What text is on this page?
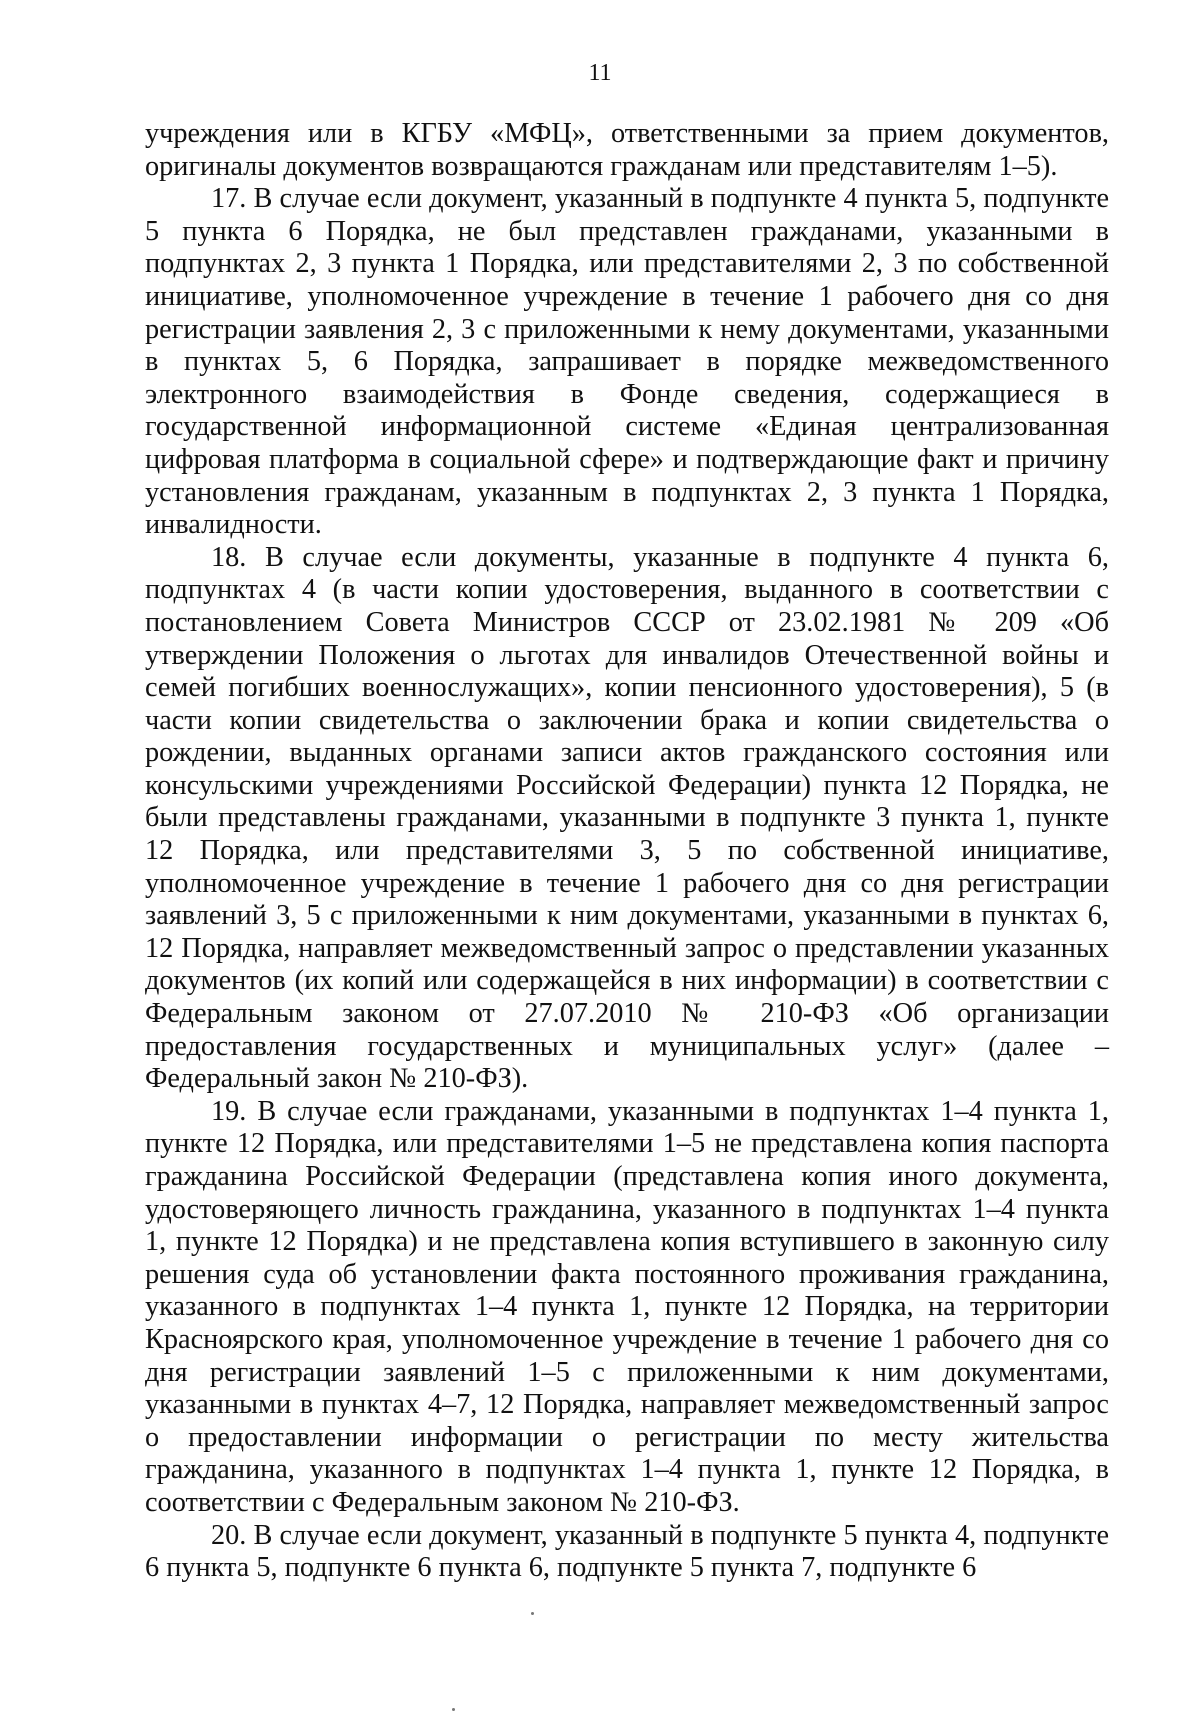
11

учреждения или в КГБУ «МФЦ», ответственными за прием документов, оригиналы документов возвращаются гражданам или представителям 1–5).

17. В случае если документ, указанный в подпункте 4 пункта 5, подпункте 5 пункта 6 Порядка, не был представлен гражданами, указанными в подпунктах 2, 3 пункта 1 Порядка, или представителями 2, 3 по собственной инициативе, уполномоченное учреждение в течение 1 рабочего дня со дня регистрации заявления 2, 3 с приложенными к нему документами, указанными в пунктах 5, 6 Порядка, запрашивает в порядке межведомственного электронного взаимодействия в Фонде сведения, содержащиеся в государственной информационной системе «Единая централизованная цифровая платформа в социальной сфере» и подтверждающие факт и причину установления гражданам, указанным в подпунктах 2, 3 пункта 1 Порядка, инвалидности.

18. В случае если документы, указанные в подпункте 4 пункта 6, подпунктах 4 (в части копии удостоверения, выданного в соответствии с постановлением Совета Министров СССР от 23.02.1981 № 209 «Об утверждении Положения о льготах для инвалидов Отечественной войны и семей погибших военнослужащих», копии пенсионного удостоверения), 5 (в части копии свидетельства о заключении брака и копии свидетельства о рождении, выданных органами записи актов гражданского состояния или консульскими учреждениями Российской Федерации) пункта 12 Порядка, не были представлены гражданами, указанными в подпункте 3 пункта 1, пункте 12 Порядка, или представителями 3, 5 по собственной инициативе, уполномоченное учреждение в течение 1 рабочего дня со дня регистрации заявлений 3, 5 с приложенными к ним документами, указанными в пунктах 6, 12 Порядка, направляет межведомственный запрос о представлении указанных документов (их копий или содержащейся в них информации) в соответствии с Федеральным законом от 27.07.2010 № 210-ФЗ «Об организации предоставления государственных и муниципальных услуг» (далее – Федеральный закон № 210-ФЗ).

19. В случае если гражданами, указанными в подпунктах 1–4 пункта 1, пункте 12 Порядка, или представителями 1–5 не представлена копия паспорта гражданина Российской Федерации (представлена копия иного документа, удостоверяющего личность гражданина, указанного в подпунктах 1–4 пункта 1, пункте 12 Порядка) и не представлена копия вступившего в законную силу решения суда об установлении факта постоянного проживания гражданина, указанного в подпунктах 1–4 пункта 1, пункте 12 Порядка, на территории Красноярского края, уполномоченное учреждение в течение 1 рабочего дня со дня регистрации заявлений 1–5 с приложенными к ним документами, указанными в пунктах 4–7, 12 Порядка, направляет межведомственный запрос о предоставлении информации о регистрации по месту жительства гражданина, указанного в подпунктах 1–4 пункта 1, пункте 12 Порядка, в соответствии с Федеральным законом № 210-ФЗ.

20. В случае если документ, указанный в подпункте 5 пункта 4, подпункте 6 пункта 5, подпункте 6 пункта 6, подпункте 5 пункта 7, подпункте 6
